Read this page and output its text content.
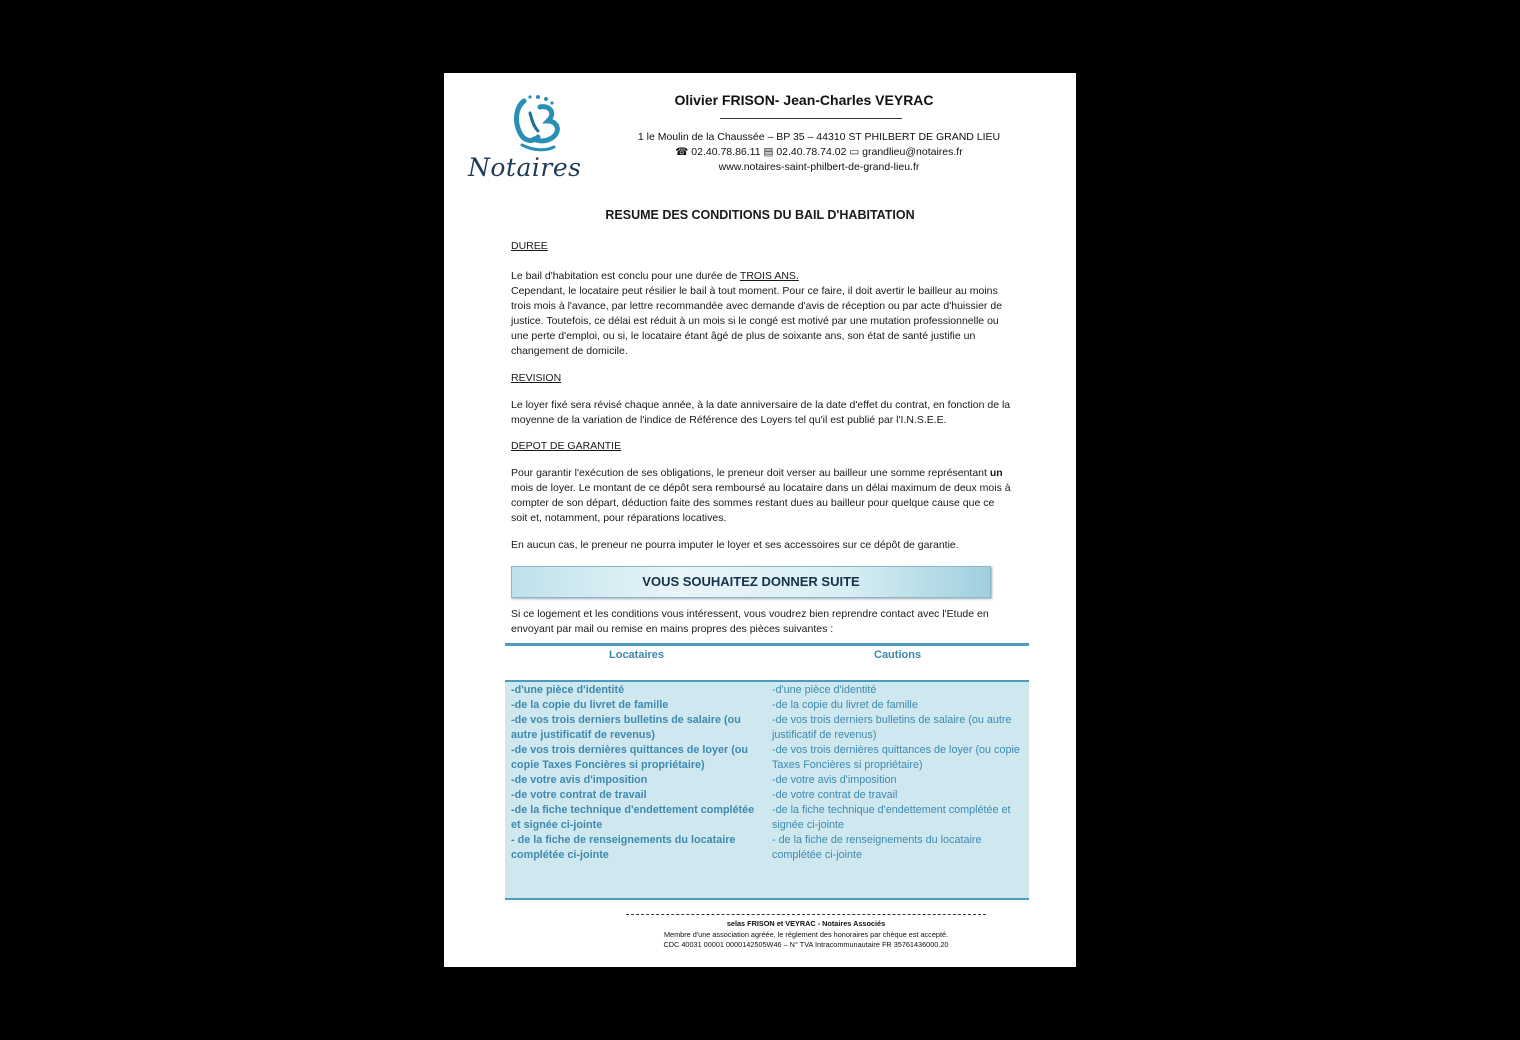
Notaires
Olivier FRISON- Jean-Charles VEYRAC
1 le Moulin de la Chaussée – BP 35 – 44310 ST PHILBERT DE GRAND LIEU
☎ 02.40.78.86.11 ▤ 02.40.78.74.02 ▭ grandlieu@notaires.fr
www.notaires-saint-philbert-de-grand-lieu.fr
RESUME DES CONDITIONS DU BAIL D'HABITATION

DUREE

Le bail d'habitation est conclu pour une durée de TROIS ANS.

Cependant, le locataire peut résilier le bail à tout moment. Pour ce faire, il doit avertir le bailleur au moins trois mois à l'avance, par lettre recommandée avec demande d'avis de réception ou par acte d'huissier de justice. Toutefois, ce délai est réduit à un mois si le congé est motivé par une mutation professionnelle ou une perte d'emploi, ou si, le locataire étant âgé de plus de soixante ans, son état de santé justifie un changement de domicile.

REVISION

Le loyer fixé sera révisé chaque année, à la date anniversaire de la date d'effet du contrat, en fonction de la moyenne de la variation de l'indice de Référence des Loyers tel qu'il est publié par l'I.N.S.E.E.

DEPOT DE GARANTIE

Pour garantir l'exécution de ses obligations, le preneur doit verser au bailleur une somme représentant un mois de loyer. Le montant de ce dépôt sera remboursé au locataire dans un délai maximum de deux mois à compter de son départ, déduction faite des sommes restant dues au bailleur pour quelque cause que ce soit et, notamment, pour réparations locatives.

En aucun cas, le preneur ne pourra imputer le loyer et ses accessoires sur ce dépôt de garantie.

VOUS SOUHAITEZ DONNER SUITE
Si ce logement et les conditions vous intéressent, vous voudrez bien reprendre contact avec l'Etude en envoyant par mail ou remise en mains propres des pièces suivantes :
Locataires	Cautions
-d'une pièce d'identité
-de la copie du livret de famille
-de vos trois derniers bulletins de salaire (ou autre justificatif de revenus)
-de vos trois dernières quittances de loyer (ou copie Taxes Foncières si propriétaire)
-de votre avis d'imposition
-de votre contrat de travail
-de la fiche technique d'endettement complétée et signée ci-jointe
- de la fiche de renseignements du locataire complétée ci-jointe
-d'une pièce d'identité
-de la copie du livret de famille
-de vos trois derniers bulletins de salaire (ou autre justificatif de revenus)
-de vos trois dernières quittances de loyer (ou copie Taxes Foncières si propriétaire)
-de votre avis d'imposition
-de votre contrat de travail
-de la fiche technique d'endettement complétée et signée ci-jointe
- de la fiche de renseignements du locataire complétée ci-jointe
selas FRISON et VEYRAC - Notaires Associés
Membre d'une association agréée, le règlement des honoraires par chèque est accepté.
CDC 40031 00001 0000142505W46 – N° TVA Intracommunautaire FR 35761436000.20
